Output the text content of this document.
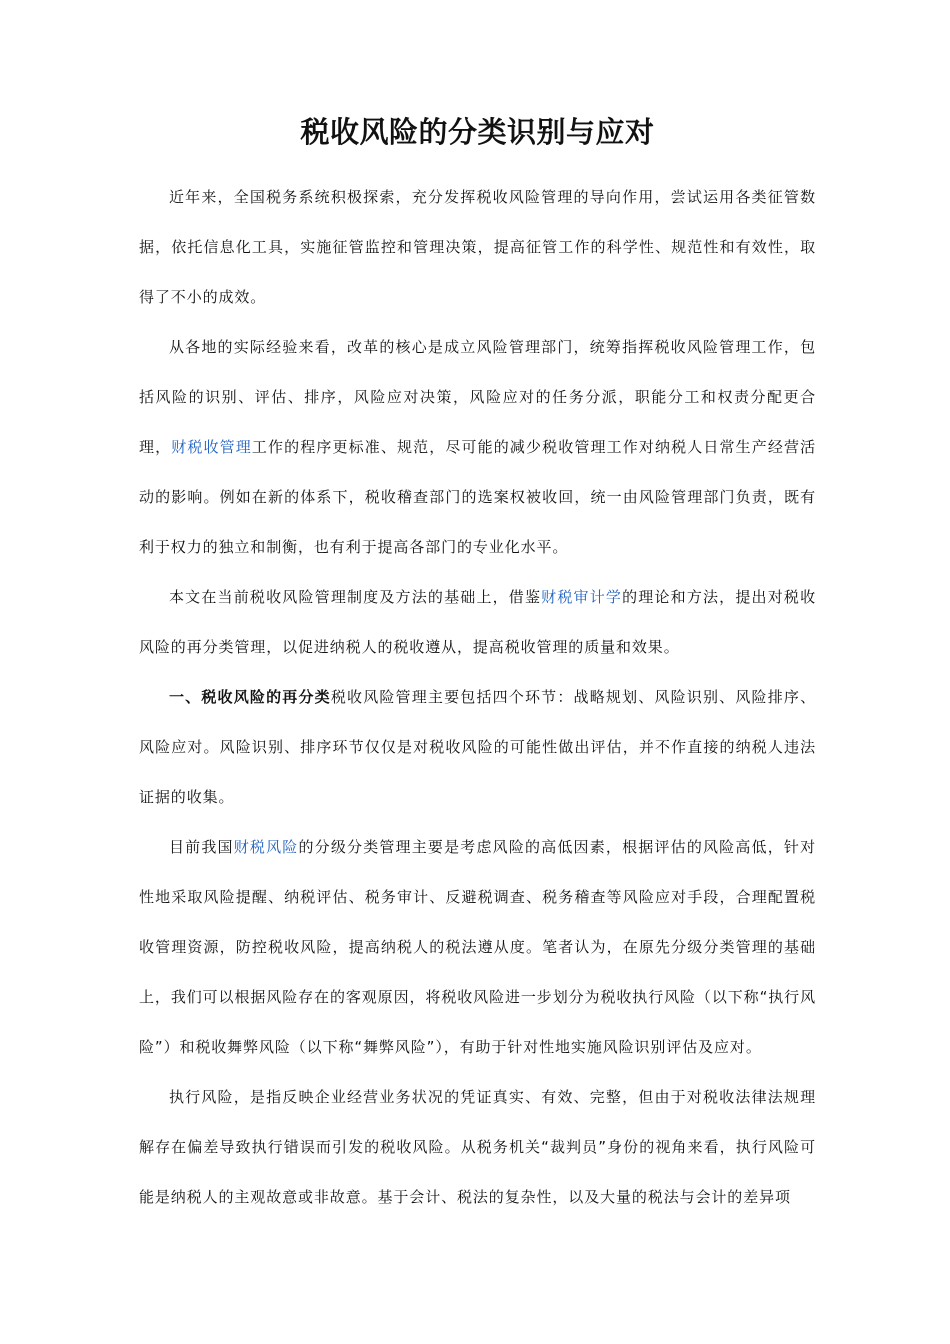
税收风险的分类识别与应对

近年来，全国税务系统积极探索，充分发挥税收风险管理的导向作用，尝试运用各类征管数据，依托信息化工具，实施征管监控和管理决策，提高征管工作的科学性、规范性和有效性，取得了不小的成效。

从各地的实际经验来看，改革的核心是成立风险管理部门，统筹指挥税收风险管理工作，包括风险的识别、评估、排序，风险应对决策，风险应对的任务分派，职能分工和权责分配更合理，财税收管理工作的程序更标准、规范，尽可能的减少税收管理工作对纳税人日常生产经营活动的影响。例如在新的体系下，税收稽查部门的选案权被收回，统一由风险管理部门负责，既有利于权力的独立和制衡，也有利于提高各部门的专业化水平。

本文在当前税收风险管理制度及方法的基础上，借鉴财税审计学的理论和方法，提出对税收风险的再分类管理，以促进纳税人的税收遵从，提高税收管理的质量和效果。

一、税收风险的再分类税收风险管理主要包括四个环节：战略规划、风险识别、风险排序、风险应对。风险识别、排序环节仅仅是对税收风险的可能性做出评估，并不作直接的纳税人违法证据的收集。

目前我国财税风险的分级分类管理主要是考虑风险的高低因素，根据评估的风险高低，针对性地采取风险提醒、纳税评估、税务审计、反避税调查、税务稽查等风险应对手段，合理配置税收管理资源，防控税收风险，提高纳税人的税法遵从度。笔者认为，在原先分级分类管理的基础上，我们可以根据风险存在的客观原因，将税收风险进一步划分为税收执行风险（以下称“执行风险”）和税收舞弊风险（以下称“舞弊风险”），有助于针对性地实施风险识别评估及应对。

执行风险，是指反映企业经营业务状况的凭证真实、有效、完整，但由于对税收法律法规理解存在偏差导致执行错误而引发的税收风险。从税务机关“裁判员”身份的视角来看，执行风险可能是纳税人的主观故意或非故意。基于会计、税法的复杂性，以及大量的税法与会计的差异项
